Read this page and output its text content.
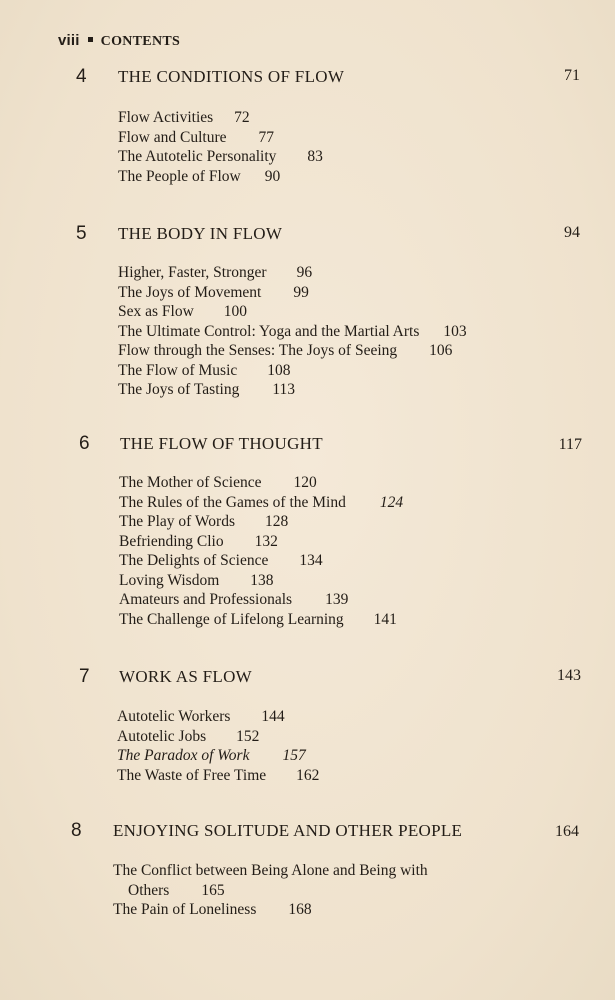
viii CONTENTS
4 THE CONDITIONS OF FLOW	71
Flow Activities 72
Flow and Culture 77
The Autotelic Personality 83
The People of Flow 90
5 THE BODY IN FLOW	94
Higher, Faster, Stronger 96
The Joys of Movement 99
Sex as Flow 100
The Ultimate Control: Yoga and the Martial Arts 103
Flow through the Senses: The Joys of Seeing 106
The Flow of Music 108
The Joys of Tasting 113
6 THE FLOW OF THOUGHT	117
The Mother of Science 120
The Rules of the Games of the Mind 124
The Play of Words 128
Befriending Clio 132
The Delights of Science 134
Loving Wisdom 138
Amateurs and Professionals 139
The Challenge of Lifelong Learning 141
7 WORK AS FLOW	143
Autotelic Workers 144
Autotelic Jobs 152
The Paradox of Work 157
The Waste of Free Time 162
8 ENJOYING SOLITUDE AND OTHER PEOPLE	164
The Conflict between Being Alone and Being with
Others 165
The Pain of Loneliness 168
